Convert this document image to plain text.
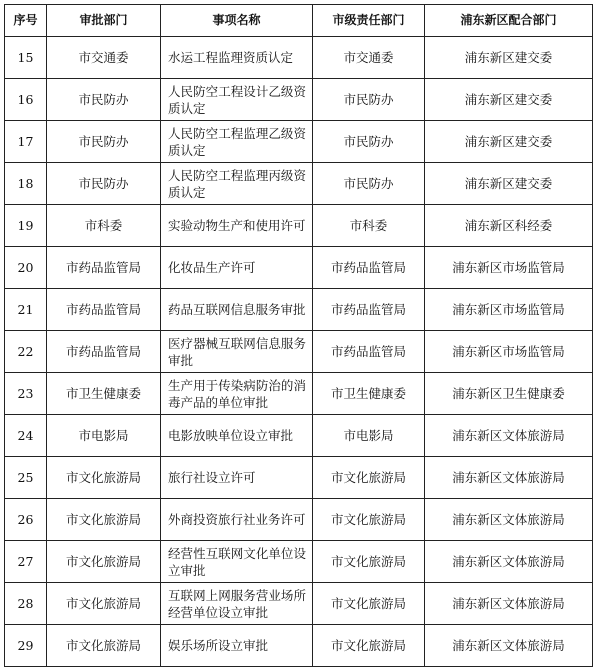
序号	审批部门	事项名称	市级责任部门	浦东新区配合部门
15	市交通委	水运工程监理资质认定	市交通委	浦东新区建交委
16	市民防办	人民防空工程设计乙级资质认定	市民防办	浦东新区建交委
17	市民防办	人民防空工程监理乙级资质认定	市民防办	浦东新区建交委
18	市民防办	人民防空工程监理丙级资质认定	市民防办	浦东新区建交委
19	市科委	实验动物生产和使用许可	市科委	浦东新区科经委
20	市药品监管局	化妆品生产许可	市药品监管局	浦东新区市场监管局
21	市药品监管局	药品互联网信息服务审批	市药品监管局	浦东新区市场监管局
22	市药品监管局	医疗器械互联网信息服务审批	市药品监管局	浦东新区市场监管局
23	市卫生健康委	生产用于传染病防治的消毒产品的单位审批	市卫生健康委	浦东新区卫生健康委
24	市电影局	电影放映单位设立审批	市电影局	浦东新区文体旅游局
25	市文化旅游局	旅行社设立许可	市文化旅游局	浦东新区文体旅游局
26	市文化旅游局	外商投资旅行社业务许可	市文化旅游局	浦东新区文体旅游局
27	市文化旅游局	经营性互联网文化单位设立审批	市文化旅游局	浦东新区文体旅游局
28	市文化旅游局	互联网上网服务营业场所经营单位设立审批	市文化旅游局	浦东新区文体旅游局
29	市文化旅游局	娱乐场所设立审批	市文化旅游局	浦东新区文体旅游局
